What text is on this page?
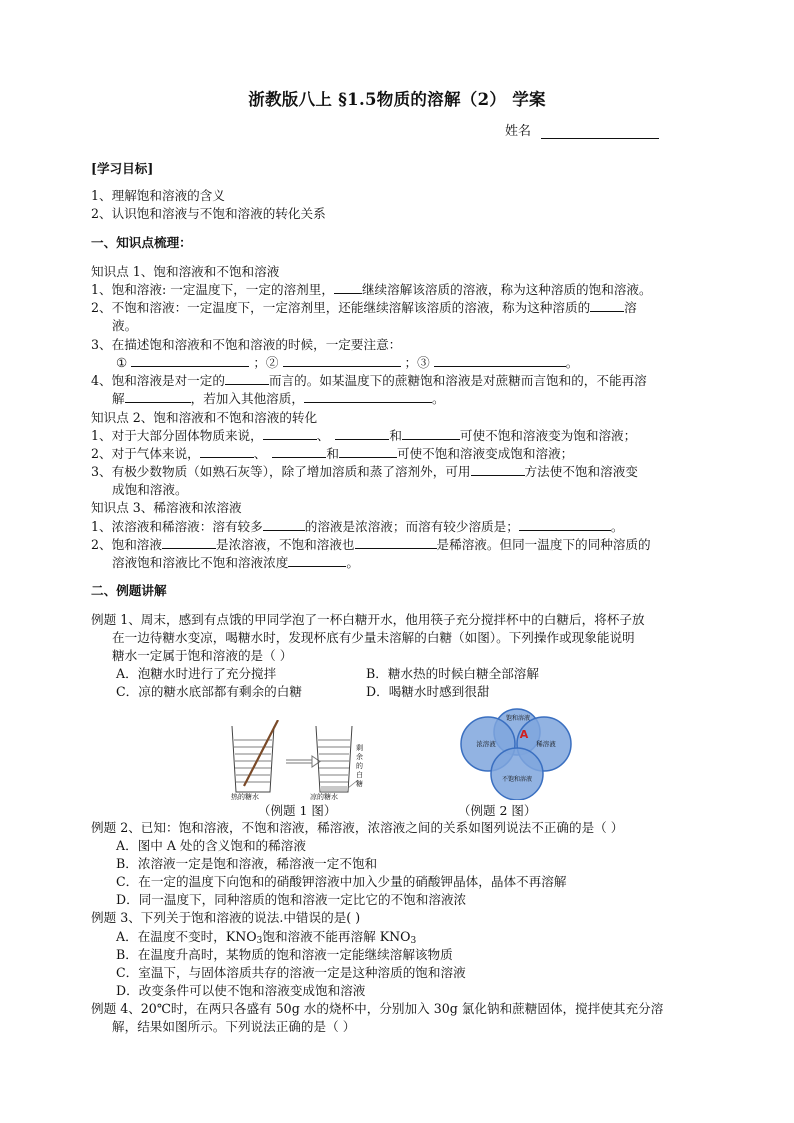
浙教版八上 §1.5物质的溶解（2） 学案
姓名
[学习目标]
1、理解饱和溶液的含义
2、认识饱和溶液与不饱和溶液的转化关系
一、知识点梳理：
知识点 1、饱和溶液和不饱和溶液
1、饱和溶液: 一定温度下，一定的溶剂里， 继续溶解该溶质的溶液，称为这种溶质的饱和溶液。
2、不饱和溶液：一定温度下，一定溶剂里，还能继续溶解该溶质的溶液，称为这种溶质的	溶
液。
3、在描述饱和溶液和不饱和溶液的时候，一定要注意：
①	；②	；③	。
4、饱和溶液是对一定的	而言的。如某温度下的蔗糖饱和溶液是对蔗糖而言饱和的，不能再溶
解	，若加入其他溶质，	。
知识点 2、饱和溶液和不饱和溶液的转化
1、对于大部分固体物质来说，	、	和	可使不饱和溶液变为饱和溶液；
2、对于气体来说，	、	和	可使不饱和溶液变成饱和溶液；
3、有极少数物质（如熟石灰等），除了增加溶质和蒸了溶剂外，可用	方法使不饱和溶液变
成饱和溶液。
知识点 3、稀溶液和浓溶液
1、浓溶液和稀溶液：溶有较多	的溶液是浓溶液；而溶有较少溶质是；	。
2、饱和溶液	是浓溶液，不饱和溶液也	是稀溶液。但同一温度下的同种溶质的
溶液饱和溶液比不饱和溶液浓度	。
二、例题讲解
例题 1、周末，感到有点饿的甲同学泡了一杯白糖开水，他用筷子充分搅拌杯中的白糖后，将杯子放
在一边待糖水变凉，喝糖水时，发现杯底有少量未溶解的白糖（如图）。下列操作或现象能说明
糖水一定属于饱和溶液的是（ ）
A．泡糖水时进行了充分搅拌	B．糖水热的时候白糖全部溶解
C．凉的糖水底部都有剩余的白糖	D．喝糖水时感到很甜
热的糖水	凉的糖水
剩
余
的
白
糖
（例题 1 图）
饱和溶液
浓溶液	稀溶液
不饱和溶液
A
（例题 2 图）
例题 2、已知：饱和溶液，不饱和溶液，稀溶液，浓溶液之间的关系如图列说法不正确的是（ ）
A．图中 A 处的含义饱和的稀溶液
B．浓溶液一定是饱和溶液，稀溶液一定不饱和
C．在一定的温度下向饱和的硝酸钾溶液中加入少量的硝酸钾晶体，晶体不再溶解
D．同一温度下，同种溶质的饱和溶液一定比它的不饱和溶液浓
例题 3、下列关于饱和溶液的说法.中错误的是( )
A．在温度不变时，$KNO_3$饱和溶液不能再溶解 $KNO_3$
B．在温度升高时，某物质的饱和溶液一定能继续溶解该物质
C．室温下，与固体溶质共存的溶液一定是这种溶质的饱和溶液
D．改变条件可以使不饱和溶液变成饱和溶液
例题 4、20℃时，在两只各盛有 50g 水的烧杯中，分别加入 30g 氯化钠和蔗糖固体，搅拌使其充分溶
解，结果如图所示。下列说法正确的是（ ）
